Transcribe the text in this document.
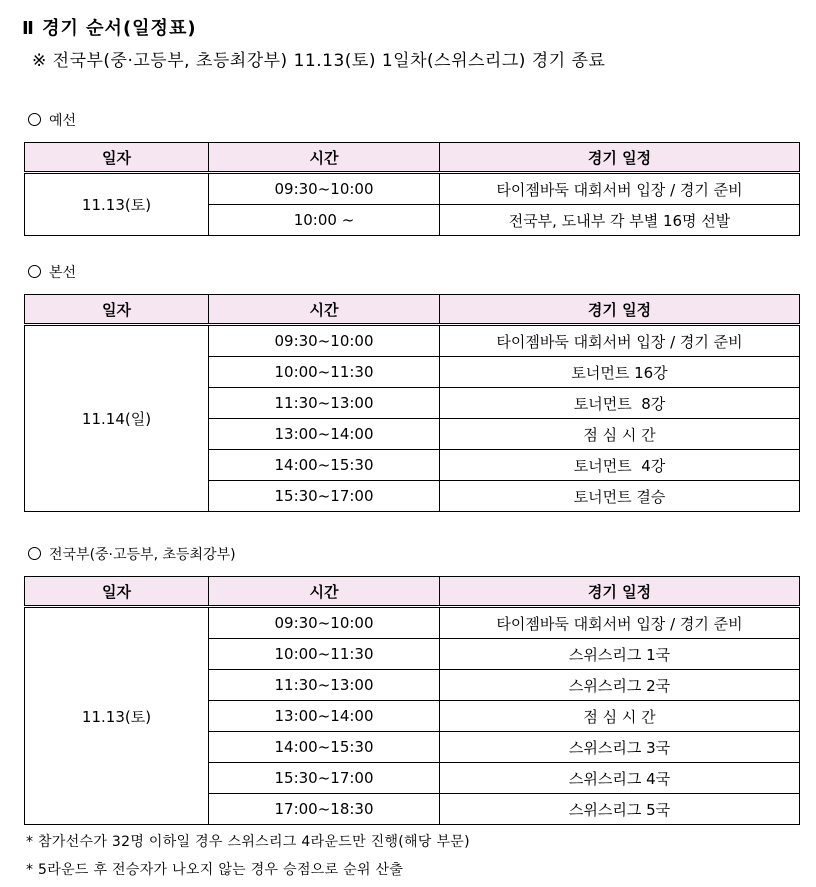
Ⅱ 경기 순서(일정표)
※ 전국부(중·고등부, 초등최강부) 11.13(토) 1일차(스위스리그) 경기 종료
예선
일자	시간	경기 일정
11.13(토)	09:30~10:00	타이젬바둑 대회서버 입장 / 경기 준비
	10:00 ~	전국부, 도내부 각 부별 16명 선발
본선
일자	시간	경기 일정
11.14(일)	09:30~10:00	타이젬바둑 대회서버 입장 / 경기 준비
	10:00~11:30	토너먼트 16강
	11:30~13:00	토너먼트  8강
	13:00~14:00	점 심 시 간
	14:00~15:30	토너먼트  4강
	15:30~17:00	토너먼트 결승
전국부(중·고등부, 초등최강부)
일자	시간	경기 일정
11.13(토)	09:30~10:00	타이젬바둑 대회서버 입장 / 경기 준비
	10:00~11:30	스위스리그 1국
	11:30~13:00	스위스리그 2국
	13:00~14:00	점 심 시 간
	14:00~15:30	스위스리그 3국
	15:30~17:00	스위스리그 4국
	17:00~18:30	스위스리그 5국
* 참가선수가 32명 이하일 경우 스위스리그 4라운드만 진행(해당 부문)
* 5라운드 후 전승자가 나오지 않는 경우 승점으로 순위 산출
